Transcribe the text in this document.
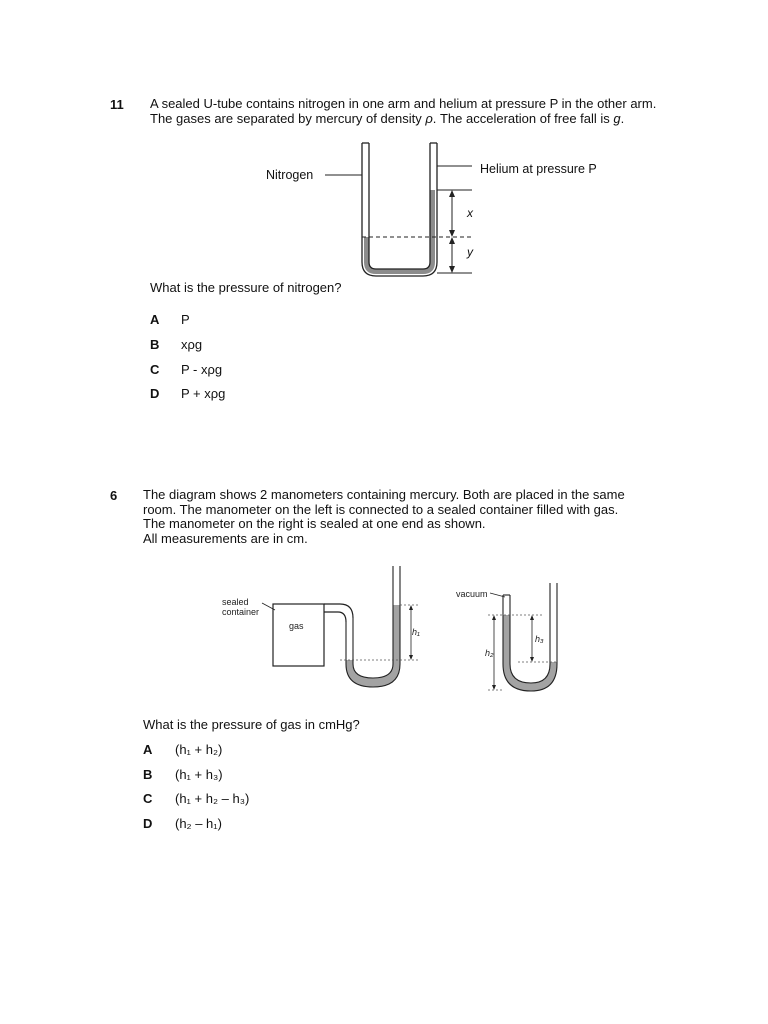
11 A sealed U-tube contains nitrogen in one arm and helium at pressure P in the other arm.
The gases are separated by mercury of density ρ. The acceleration of free fall is g.
Nitrogen	Helium at pressure P
x
y
What is the pressure of nitrogen?
A P
B xρg
C P - xρg
D P + xρg
6 The diagram shows 2 manometers containing mercury. Both are placed in the same
room. The manometer on the left is connected to a sealed container filled with gas.
The manometer on the right is sealed at one end as shown.
All measurements are in cm.
sealed
container
gas
vacuum
h₁
h₂
h₃
What is the pressure of gas in cmHg?
A (h₁ + h₂)
B (h₁ + h₃)
C (h₁ + h₂ – h₃)
D (h₂ – h₁)
